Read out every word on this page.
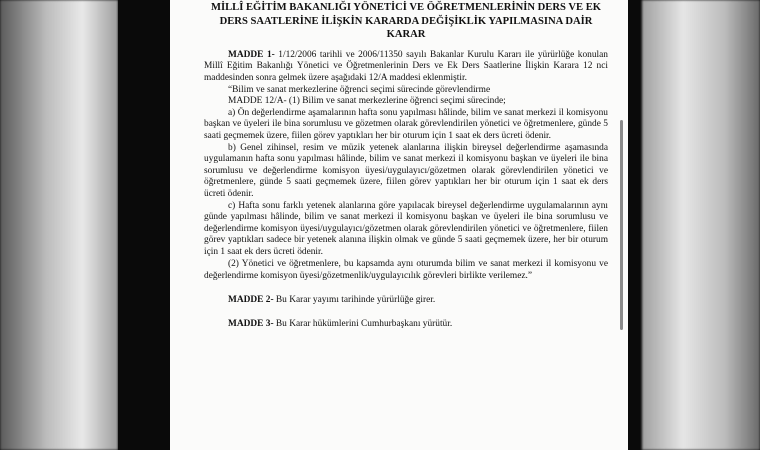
MİLLÎ EĞİTİM BAKANLIĞI YÖNETİCİ VE ÖĞRETMENLERİNİN DERS VE EK
DERS SAATLERİNE İLİŞKİN KARARDA DEĞİŞİKLİK YAPILMASINA DAİR
KARAR

MADDE 1- 1/12/2006 tarihli ve 2006/11350 sayılı Bakanlar Kurulu Kararı ile yürürlüğe konulan Millî Eğitim Bakanlığı Yönetici ve Öğretmenlerinin Ders ve Ek Ders Saatlerine İlişkin Karara 12 nci maddesinden sonra gelmek üzere aşağıdaki 12/A maddesi eklenmiştir.

“Bilim ve sanat merkezlerine öğrenci seçimi sürecinde görevlendirme

MADDE 12/A- (1) Bilim ve sanat merkezlerine öğrenci seçimi sürecinde;

a) Ön değerlendirme aşamalarının hafta sonu yapılması hâlinde, bilim ve sanat merkezi il komisyonu başkan ve üyeleri ile bina sorumlusu ve gözetmen olarak görevlendirilen yönetici ve öğretmenlere, günde 5 saati geçmemek üzere, fiilen görev yaptıkları her bir oturum için 1 saat ek ders ücreti ödenir.

b) Genel zihinsel, resim ve müzik yetenek alanlarına ilişkin bireysel değerlendirme aşamasında uygulamanın hafta sonu yapılması hâlinde, bilim ve sanat merkezi il komisyonu başkan ve üyeleri ile bina sorumlusu ve değerlendirme komisyon üyesi/uygulayıcı/gözetmen olarak görevlendirilen yönetici ve öğretmenlere, günde 5 saati geçmemek üzere, fiilen görev yaptıkları her bir oturum için 1 saat ek ders ücreti ödenir.

c) Hafta sonu farklı yetenek alanlarına göre yapılacak bireysel değerlendirme uygulamalarının aynı günde yapılması hâlinde, bilim ve sanat merkezi il komisyonu başkan ve üyeleri ile bina sorumlusu ve değerlendirme komisyon üyesi/uygulayıcı/gözetmen olarak görevlendirilen yönetici ve öğretmenlere, fiilen görev yaptıkları sadece bir yetenek alanına ilişkin olmak ve günde 5 saati geçmemek üzere, her bir oturum için 1 saat ek ders ücreti ödenir.

(2) Yönetici ve öğretmenlere, bu kapsamda aynı oturumda bilim ve sanat merkezi il komisyonu ve değerlendirme komisyon üyesi/gözetmenlik/uygulayıcılık görevleri birlikte verilemez.”

MADDE 2- Bu Karar yayımı tarihinde yürürlüğe girer.

MADDE 3- Bu Karar hükümlerini Cumhurbaşkanı yürütür.
